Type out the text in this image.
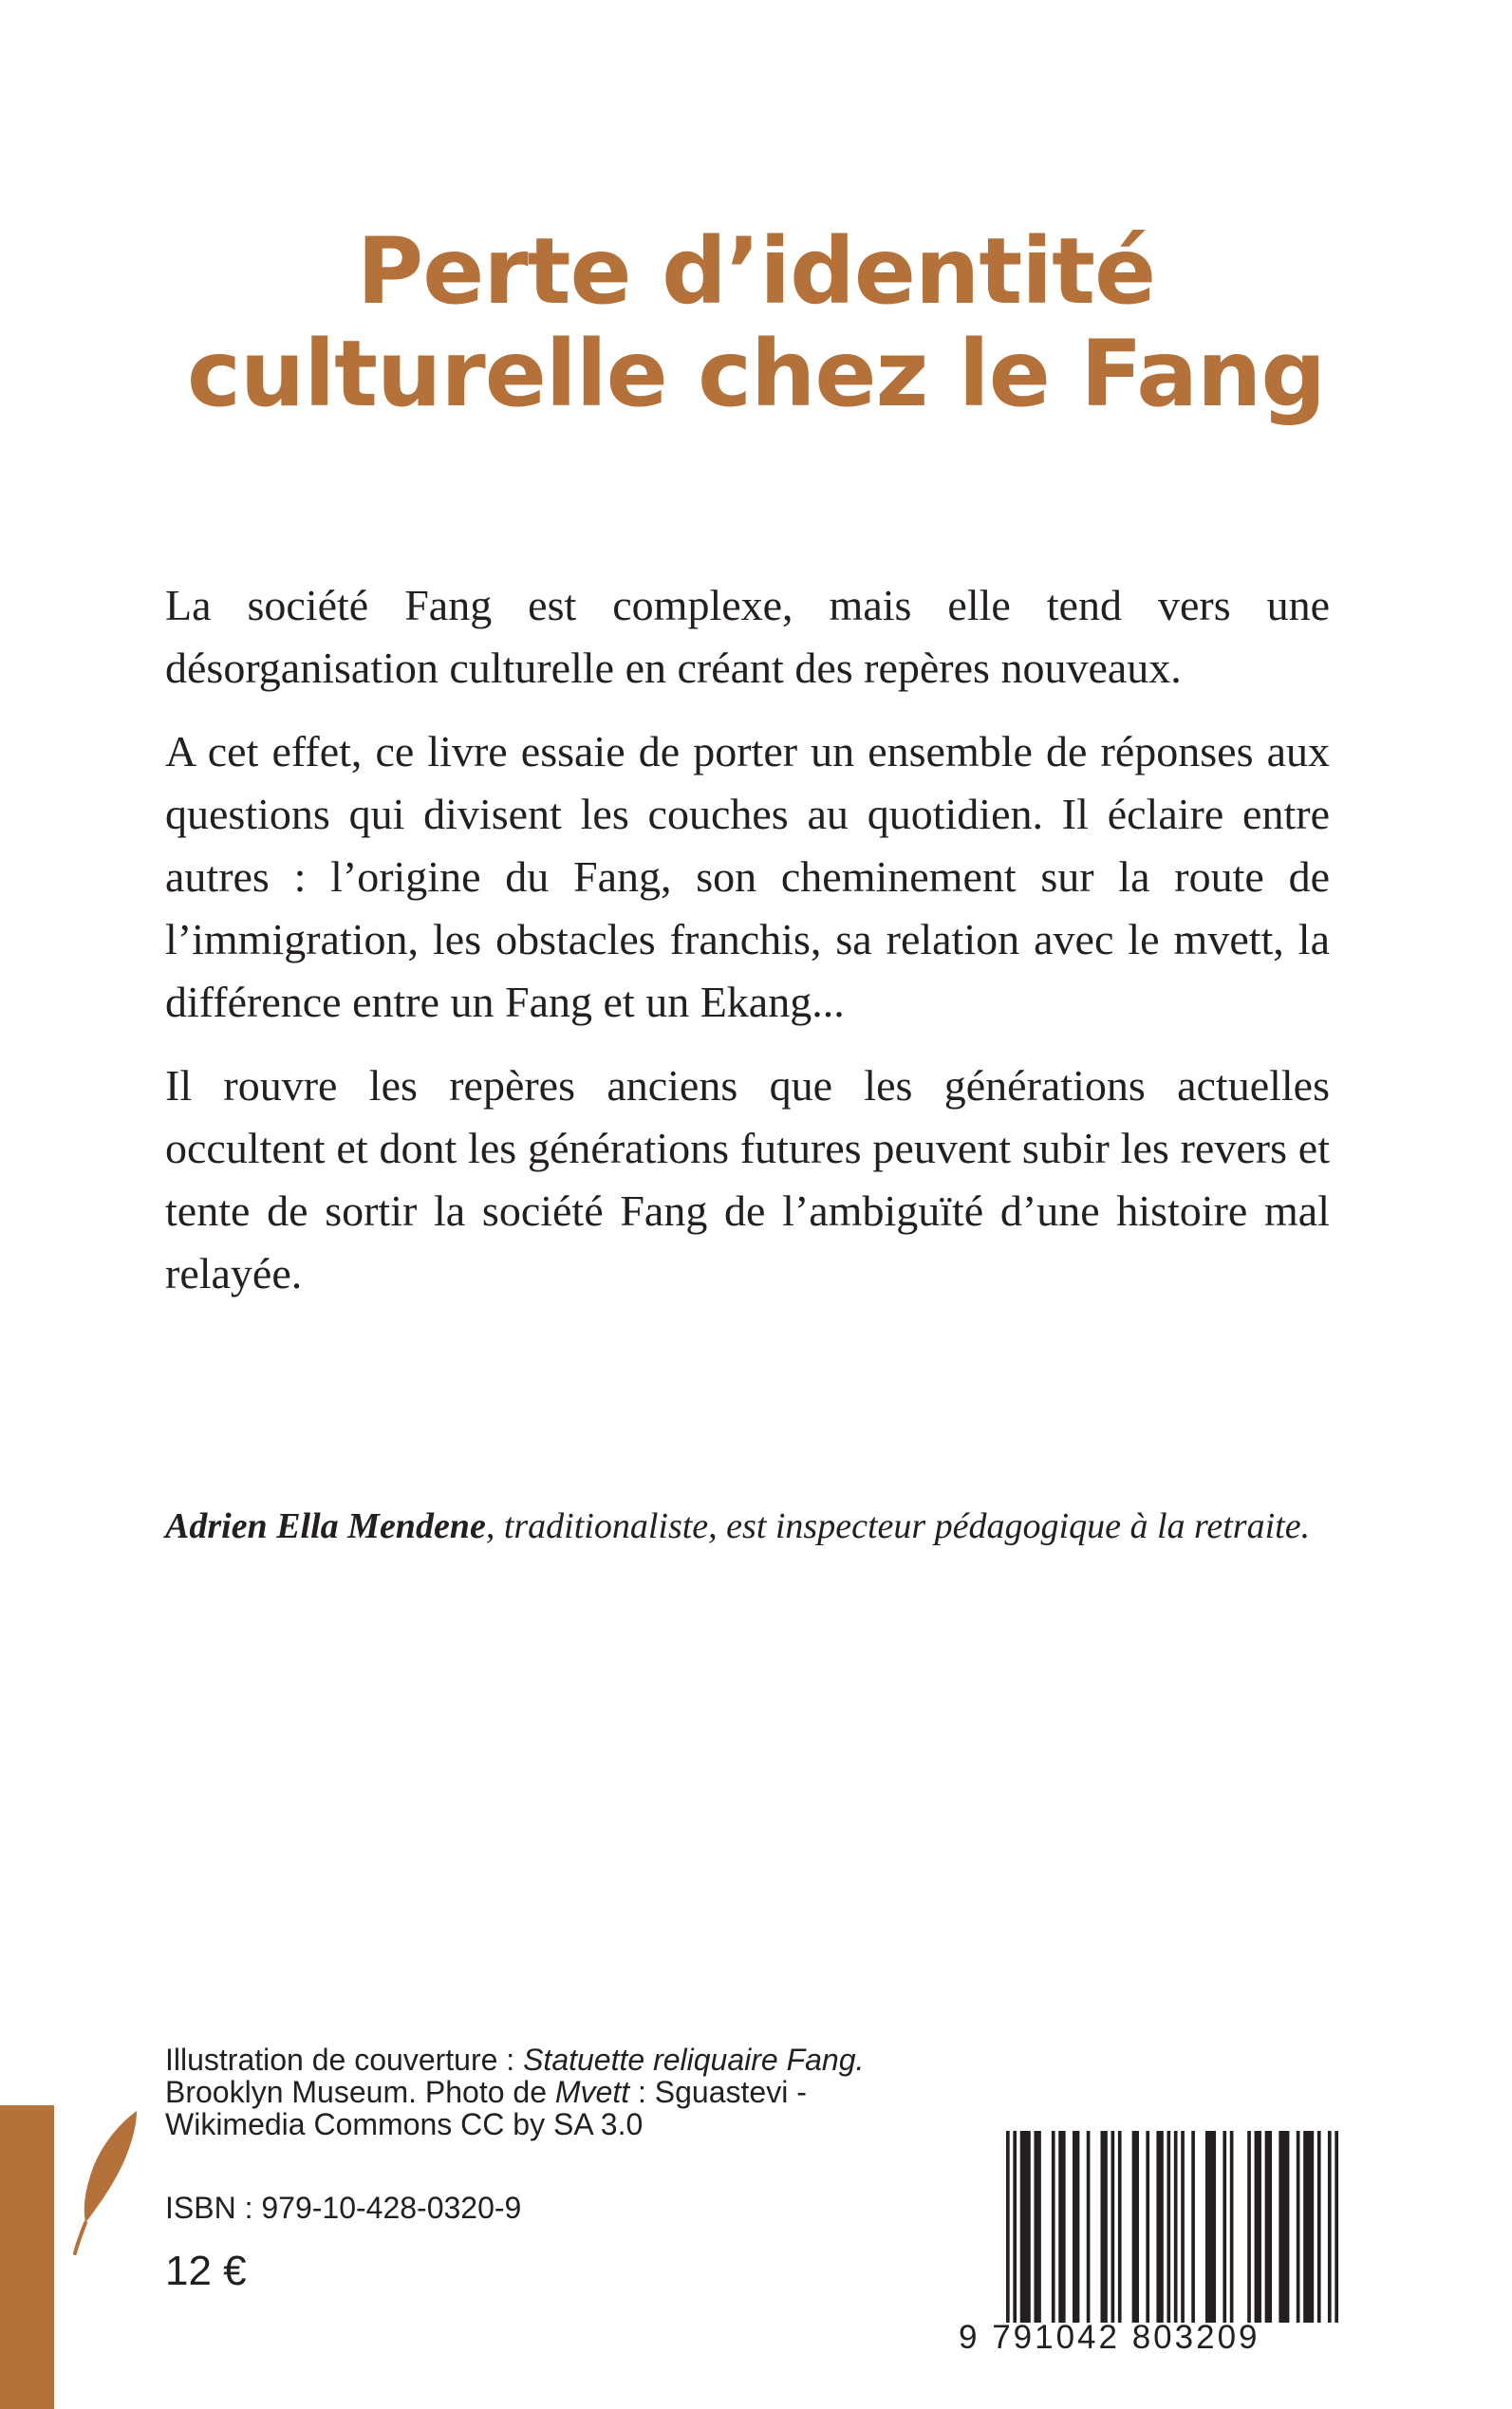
Perte d’identité
culturelle chez le Fang

La société Fang est complexe, mais elle tend vers une désorganisation culturelle en créant des repères nouveaux.

A cet effet, ce livre essaie de porter un ensemble de réponses aux questions qui divisent les couches au quotidien. Il éclaire entre autres : l’origine du Fang, son cheminement sur la route de l’immigration, les obstacles franchis, sa relation avec le mvett, la différence entre un Fang et un Ekang...

Il rouvre les repères anciens que les générations actuelles occultent et dont les générations futures peuvent subir les revers et tente de sortir la société Fang de l’ambiguïté d’une histoire mal relayée.

Adrien Ella Mendene, traditionaliste, est inspecteur pédagogique à la retraite.
Illustration de couverture : Statuette reliquaire Fang.
Brooklyn Museum. Photo de Mvett : Sguastevi -
Wikimedia Commons CC by SA 3.0
ISBN : 979-10-428-0320-9
12 €
9 791042 803209
